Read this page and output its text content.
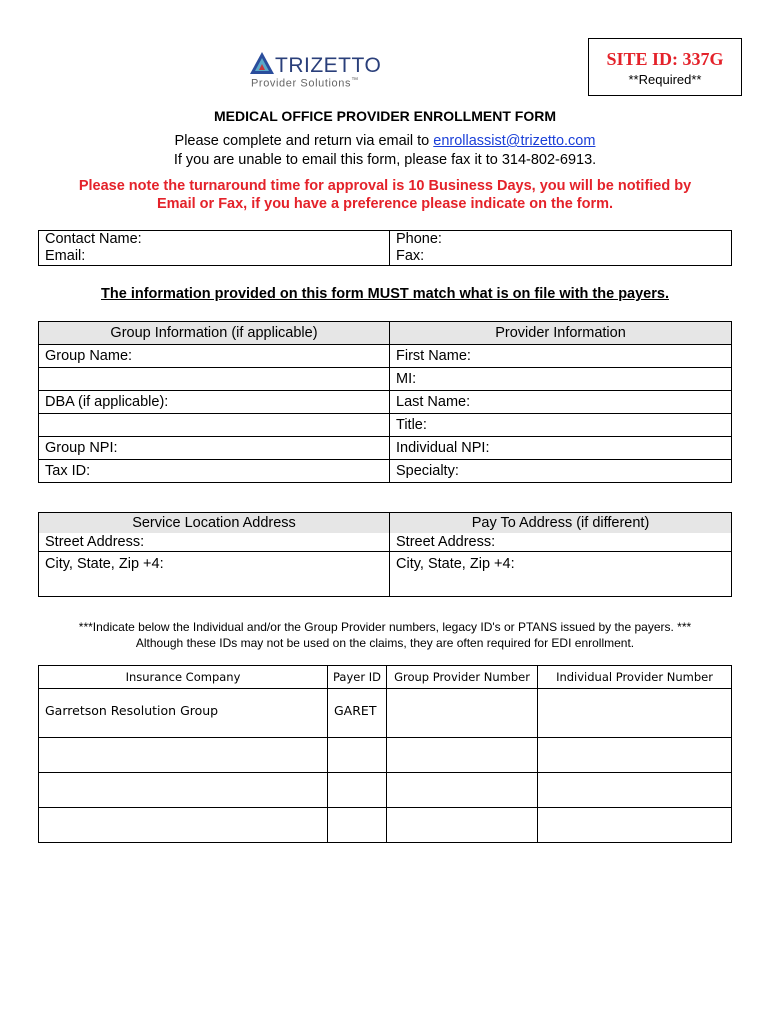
TRIZETTO
Provider Solutions™
SITE ID: 337G
**Required**
MEDICAL OFFICE PROVIDER ENROLLMENT FORM
Please complete and return via email to enrollassist@trizetto.com
If you are unable to email this form, please fax it to 314-802-6913.
Please note the turnaround time for approval is 10 Business Days, you will be notified by
Email or Fax, if you have a preference please indicate on the form.
Contact Name:	Phone:
Email:	Fax:
The information provided on this form MUST match what is on file with the payers.
Group Information (if applicable)	Provider Information
Group Name:	First Name:
	MI:
DBA (if applicable):	Last Name:
	Title:
Group NPI:	Individual NPI:
Tax ID:	Specialty:
Service Location Address	Pay To Address (if different)
Street Address:	Street Address:
City, State, Zip +4:	City, State, Zip +4:
***Indicate below the Individual and/or the Group Provider numbers, legacy ID's or PTANS issued by the payers. ***
Although these IDs may not be used on the claims, they are often required for EDI enrollment.
Insurance Company	Payer ID	Group Provider Number	Individual Provider Number
Garretson Resolution Group	GARET		
